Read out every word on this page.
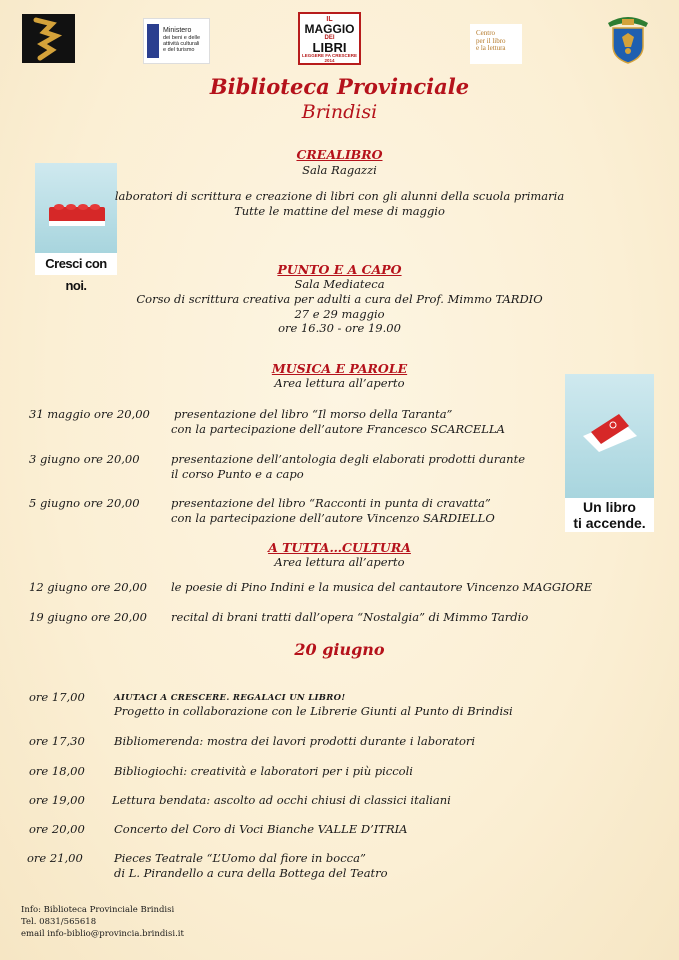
Ministero
dei beni e delle
attività culturali
e del turismo
IL
MAGGIO
DEI
LIBRI
LEGGERE FA CRESCERE 2014
Centro
per il libro
e la lettura
Biblioteca Provinciale
Brindisi
Cresci con noi.
Un libro
ti accende.
CREALIBRO
Sala Ragazzi
laboratori di scrittura e creazione di libri con gli alunni della scuola primaria
Tutte le mattine del mese di maggio
PUNTO E A CAPO
Sala Mediateca
Corso di scrittura creativa per adulti a cura del Prof. Mimmo TARDIO
27 e 29 maggio
ore 16.30 - ore 19.00
MUSICA E PAROLE
Area lettura all’aperto
31 maggio ore 20,00 presentazione del libro “Il morso della Taranta”
con la partecipazione dell’autore Francesco SCARCELLA
3 giugno ore 20,00	presentazione dell’antologia degli elaborati prodotti durante
il corso Punto e a capo
5 giugno ore 20,00	presentazione del libro “Racconti in punta di cravatta”
con la partecipazione dell’autore Vincenzo SARDIELLO
A TUTTA…CULTURA
Area lettura all’aperto
12 giugno ore 20,00 le poesie di Pino Indini e la musica del cantautore Vincenzo MAGGIORE
19 giugno ore 20,00 recital di brani tratti dall’opera “Nostalgia” di Mimmo Tardio
20 giugno
ore 17,00	AIUTACI A CRESCERE. REGALACI UN LIBRO!
Progetto in collaborazione con le Librerie Giunti al Punto di Brindisi
ore 17,30	Bibliomerenda: mostra dei lavori prodotti durante i laboratori
ore 18,00	Bibliogiochi: creatività e laboratori per i più piccoli
ore 19,00 Lettura bendata: ascolto ad occhi chiusi di classici italiani
ore 20,00	Concerto del Coro di Voci Bianche VALLE D’ITRIA
ore 21,00	Pieces Teatrale “L’Uomo dal fiore in bocca”
di L. Pirandello a cura della Bottega del Teatro
Info: Biblioteca Provinciale Brindisi
Tel. 0831/565618
email info-biblio@provincia.brindisi.it
